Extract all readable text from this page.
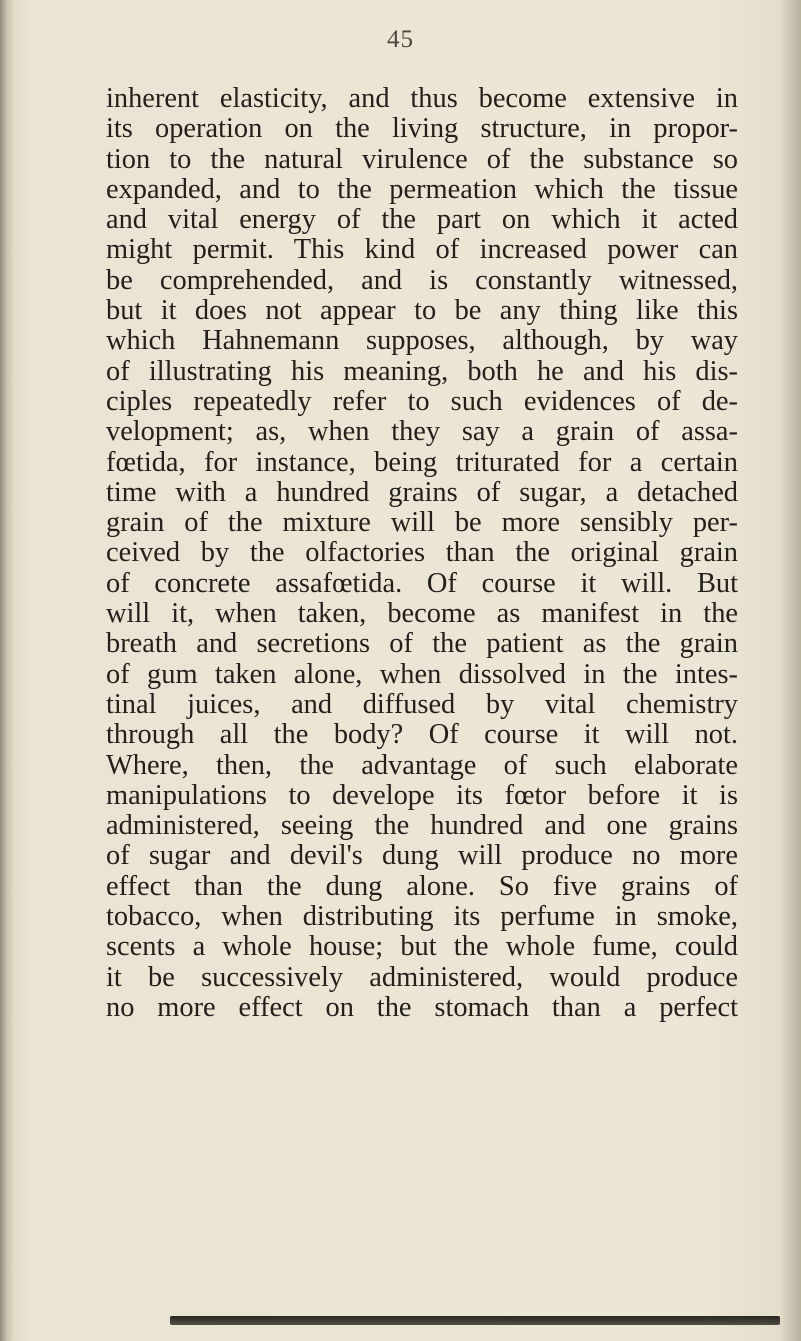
45
inherent elasticity, and thus become extensive in
its operation on the living structure, in propor-
tion to the natural virulence of the substance so
expanded, and to the permeation which the tissue
and vital energy of the part on which it acted
might permit. This kind of increased power can
be comprehended, and is constantly witnessed,
but it does not appear to be any thing like this
which Hahnemann supposes, although, by way
of illustrating his meaning, both he and his dis-
ciples repeatedly refer to such evidences of de-
velopment; as, when they say a grain of assa-
fœtida, for instance, being triturated for a certain
time with a hundred grains of sugar, a detached
grain of the mixture will be more sensibly per-
ceived by the olfactories than the original grain
of concrete assafœtida. Of course it will. But
will it, when taken, become as manifest in the
breath and secretions of the patient as the grain
of gum taken alone, when dissolved in the intes-
tinal juices, and diffused by vital chemistry
through all the body? Of course it will not.
Where, then, the advantage of such elaborate
manipulations to develope its fœtor before it is
administered, seeing the hundred and one grains
of sugar and devil's dung will produce no more
effect than the dung alone. So five grains of
tobacco, when distributing its perfume in smoke,
scents a whole house; but the whole fume, could
it be successively administered, would produce
no more effect on the stomach than a perfect
